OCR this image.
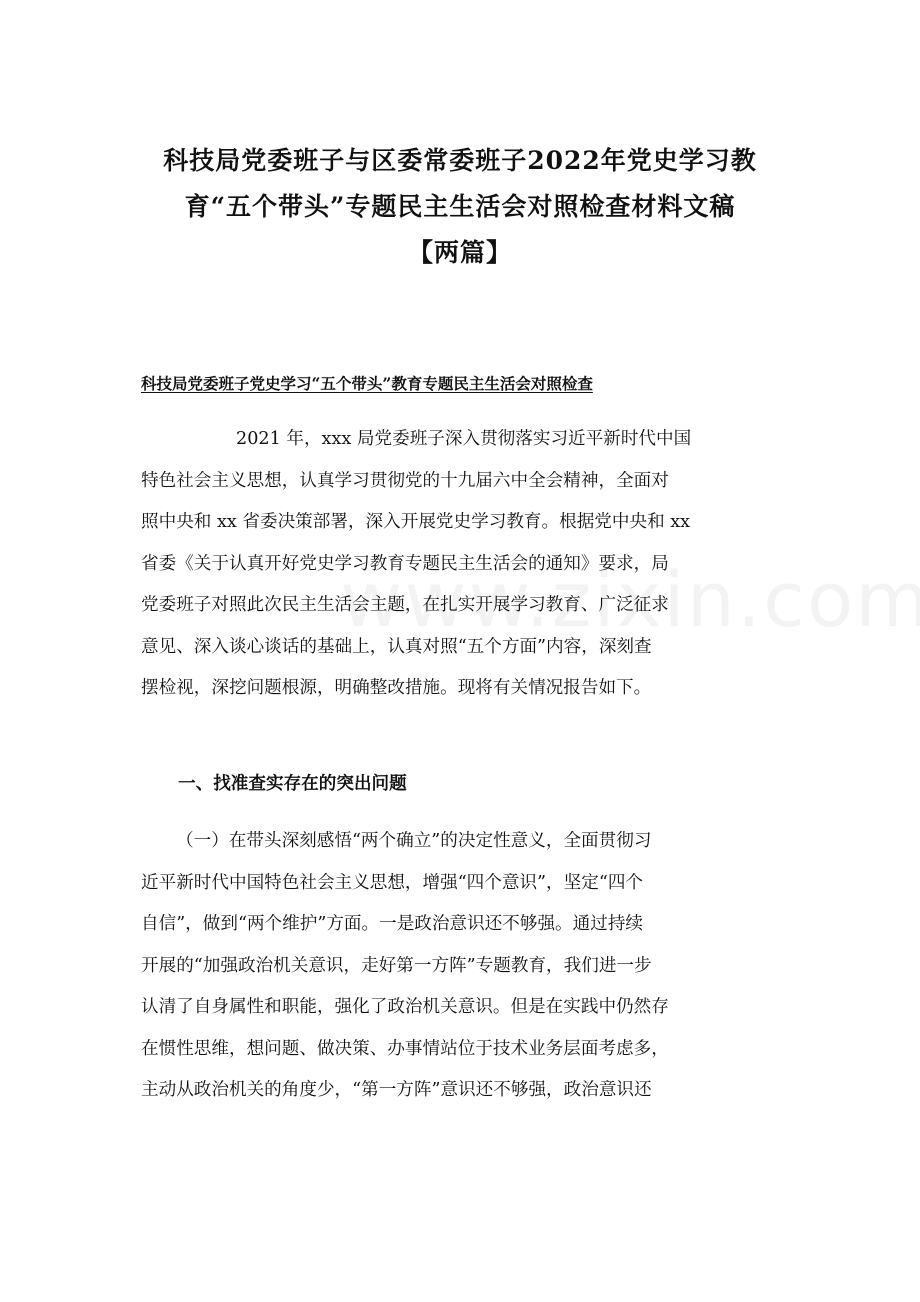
科技局党委班子与区委常委班子2022年党史学习教
育“五个带头”专题民主生活会对照检查材料文稿
【两篇】

科技局党委班子党史学习“五个带头”教育专题民主生活会对照检查

2021 年，xxx 局党委班子深入贯彻落实习近平新时代中国
特色社会主义思想，认真学习贯彻党的十九届六中全会精神，全面对
照中央和 xx 省委决策部署，深入开展党史学习教育。根据党中央和 xx
省委《关于认真开好党史学习教育专题民主生活会的通知》要求，局
党委班子对照此次民主生活会主题，在扎实开展学习教育、广泛征求
意见、深入谈心谈话的基础上，认真对照“五个方面”内容，深刻查
摆检视，深挖问题根源，明确整改措施。现将有关情况报告如下。

一、找准查实存在的突出问题

（一）在带头深刻感悟“两个确立”的决定性意义，全面贯彻习
近平新时代中国特色社会主义思想，增强“四个意识”，坚定“四个
自信”，做到“两个维护”方面。一是政治意识还不够强。通过持续
开展的“加强政治机关意识，走好第一方阵”专题教育，我们进一步
认清了自身属性和职能，强化了政治机关意识。但是在实践中仍然存
在惯性思维，想问题、做决策、办事情站位于技术业务层面考虑多，
主动从政治机关的角度少，“第一方阵”意识还不够强，政治意识还
